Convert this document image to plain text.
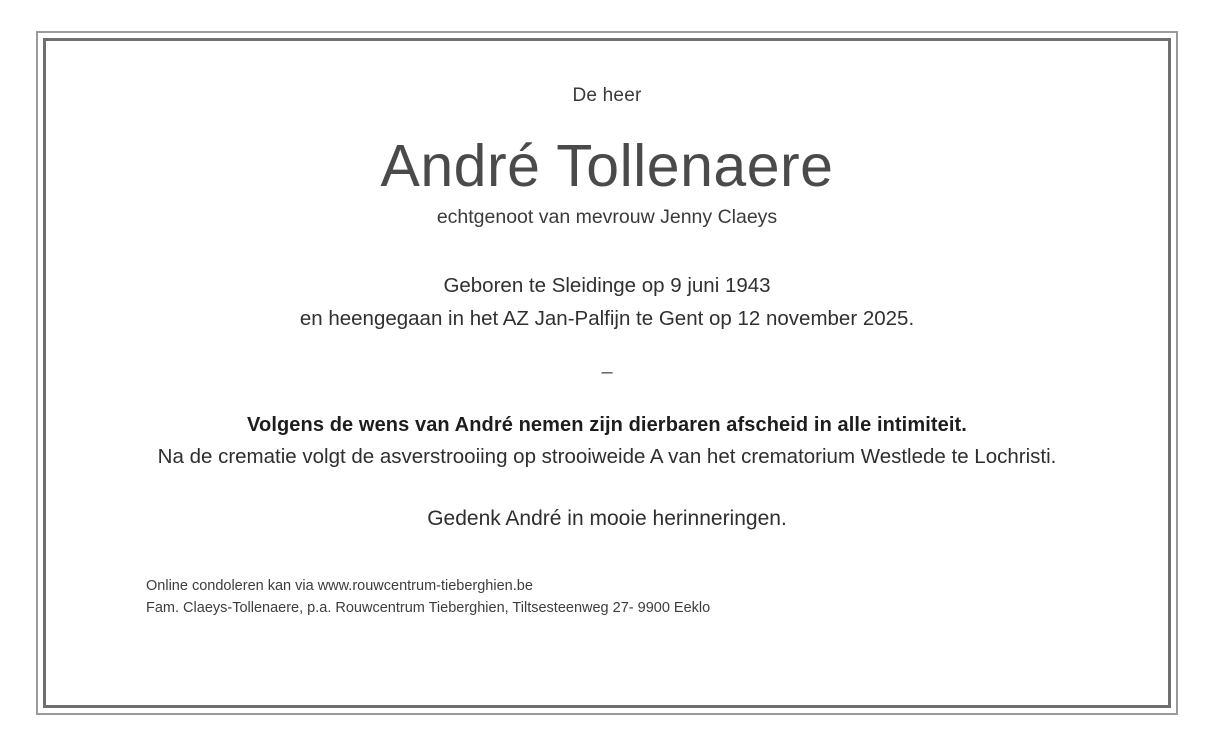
De heer

André Tollenaere

echtgenoot van mevrouw Jenny Claeys

Geboren te Sleidinge op 9 juni 1943
en heengegaan in het AZ Jan-Palfijn te Gent op 12 november 2025.

–

Volgens de wens van André nemen zijn dierbaren afscheid in alle intimiteit.

Na de crematie volgt de asverstrooiing op strooiweide A van het crematorium Westlede te Lochristi.

Gedenk André in mooie herinneringen.

Online condoleren kan via www.rouwcentrum-tieberghien.be
Fam. Claeys-Tollenaere, p.a. Rouwcentrum Tieberghien, Tiltsesteenweg 27- 9900 Eeklo
